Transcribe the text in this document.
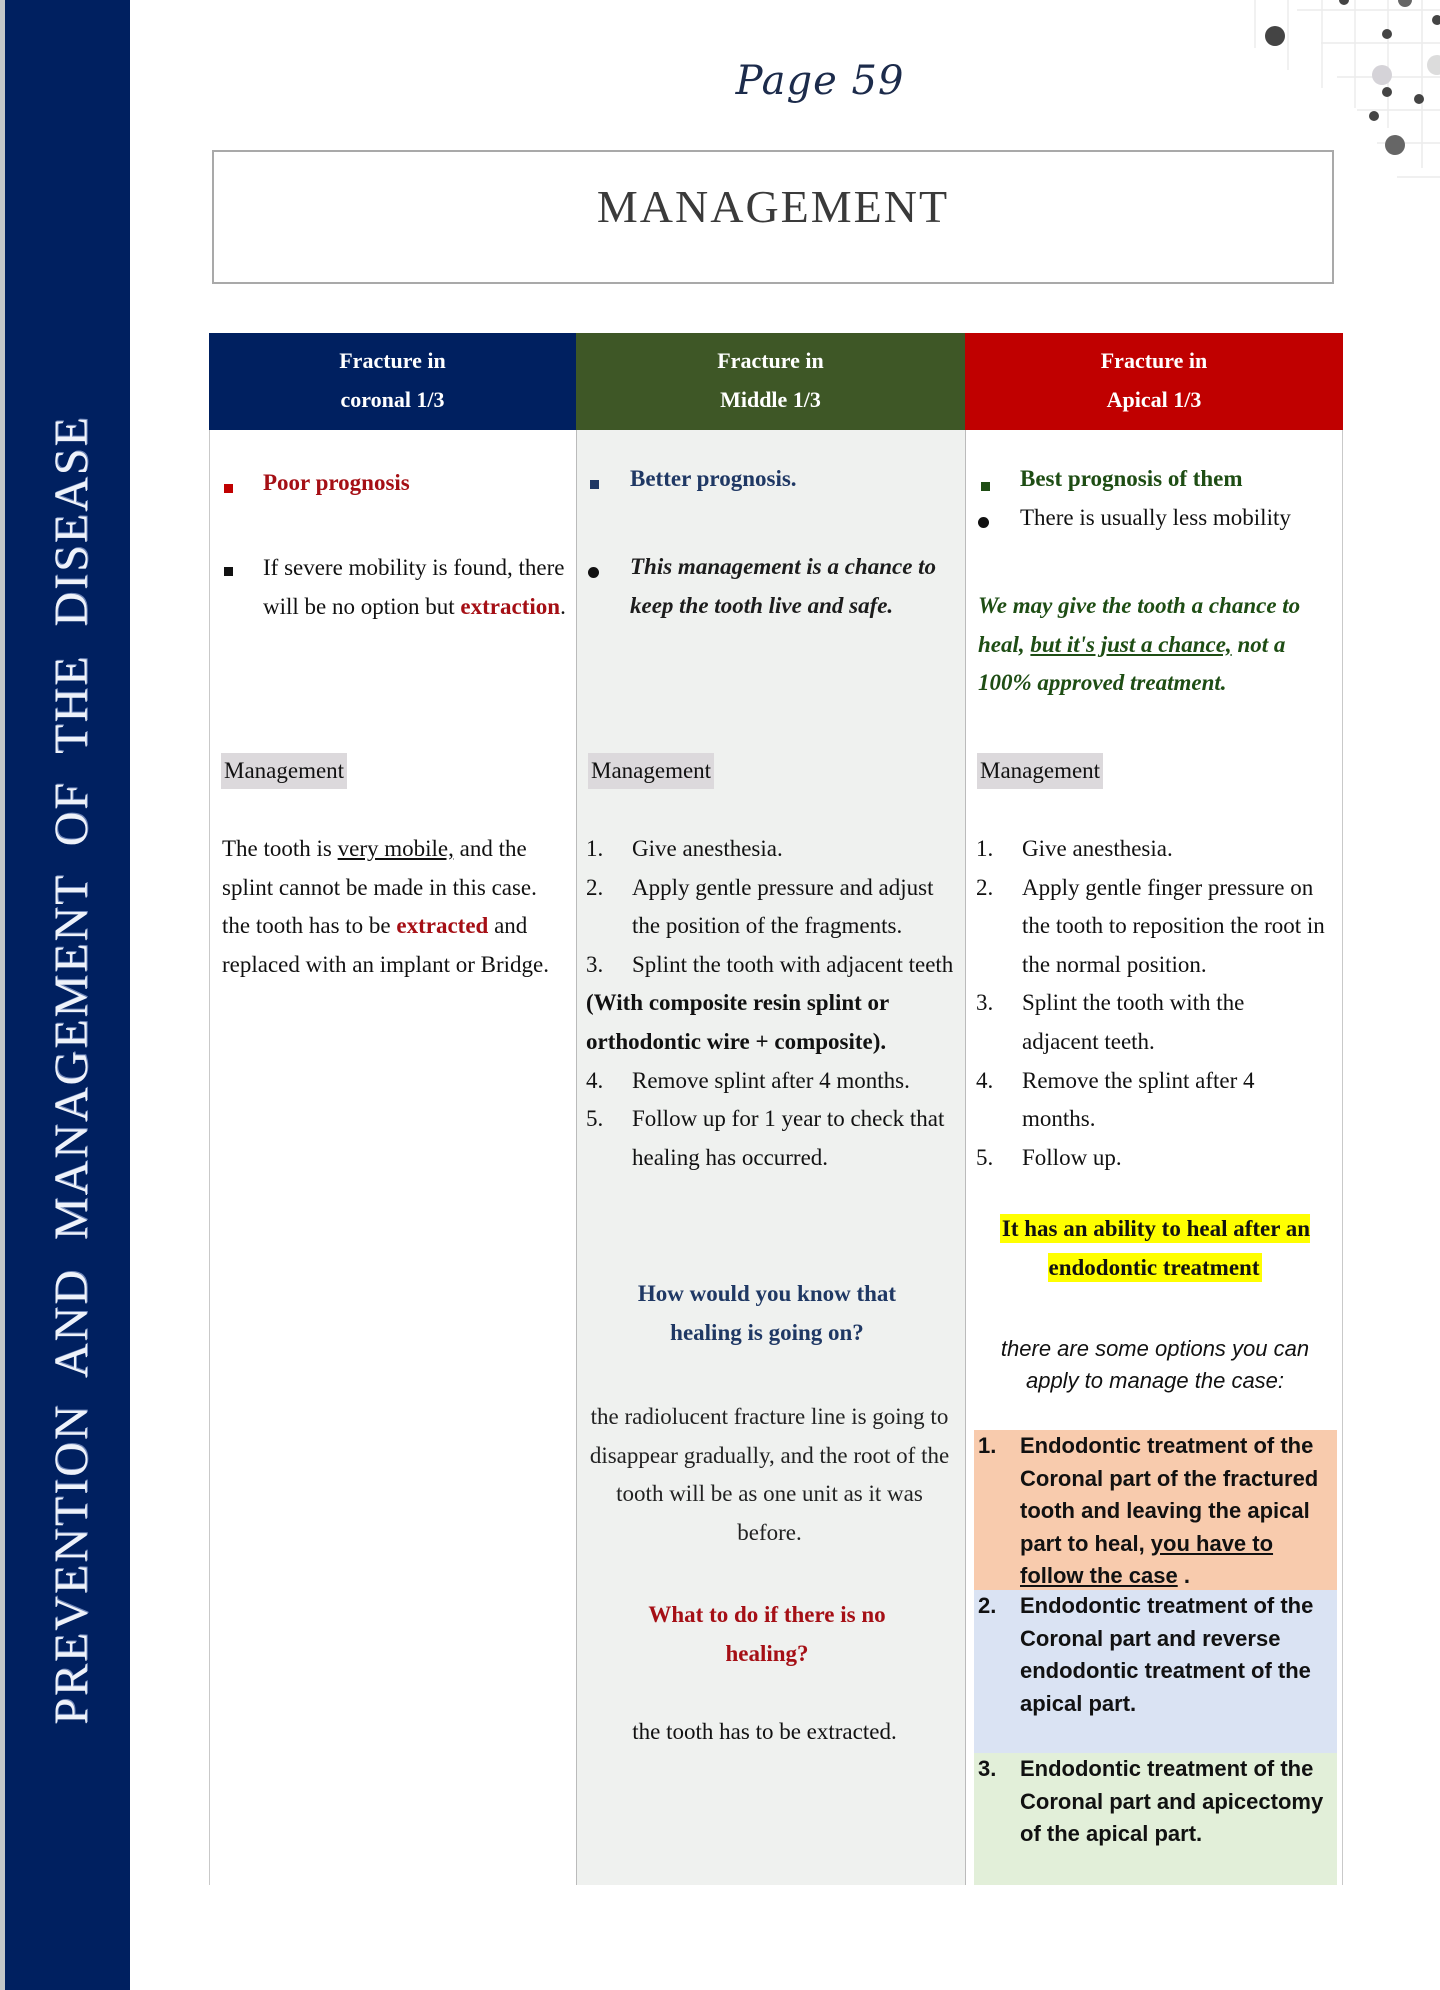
PREVENTION AND MANAGEMENT OF THE DISEASE
Page 59
MANAGEMENT
Fracture in
coronal 1/3
Fracture in
Middle 1/3
Fracture in
Apical 1/3
Poor prognosis
If severe mobility is found, there will be no option but extraction.
Management
The tooth is very mobile, and the splint cannot be made in this case.
the tooth has to be extracted and replaced with an implant or Bridge.
Better prognosis.
This management is a chance to keep the tooth live and safe.
Management
1. Give anesthesia.
2. Apply gentle pressure and adjust the position of the fragments.
3. Splint the tooth with adjacent teeth
(With composite resin splint or orthodontic wire + composite).
4. Remove splint after 4 months.
5. Follow up for 1 year to check that healing has occurred.
How would you know that healing is going on?
the radiolucent fracture line is going to disappear gradually, and the root of the tooth will be as one unit as it was before.
What to do if there is no healing?
the tooth has to be extracted.
Best prognosis of them
There is usually less mobility
We may give the tooth a chance to heal, but it's just a chance, not a 100% approved treatment.
Management
1. Give anesthesia.
2. Apply gentle finger pressure on the tooth to reposition the root in the normal position.
3. Splint the tooth with the adjacent teeth.
4. Remove the splint after 4 months.
5. Follow up.
It has an ability to heal after an endodontic treatment
there are some options you can apply to manage the case:
1. Endodontic treatment of the Coronal part of the fractured tooth and leaving the apical part to heal, you have to follow the case .
2. Endodontic treatment of the Coronal part and reverse endodontic treatment of the apical part.
3. Endodontic treatment of the Coronal part and apicectomy of the apical part.
